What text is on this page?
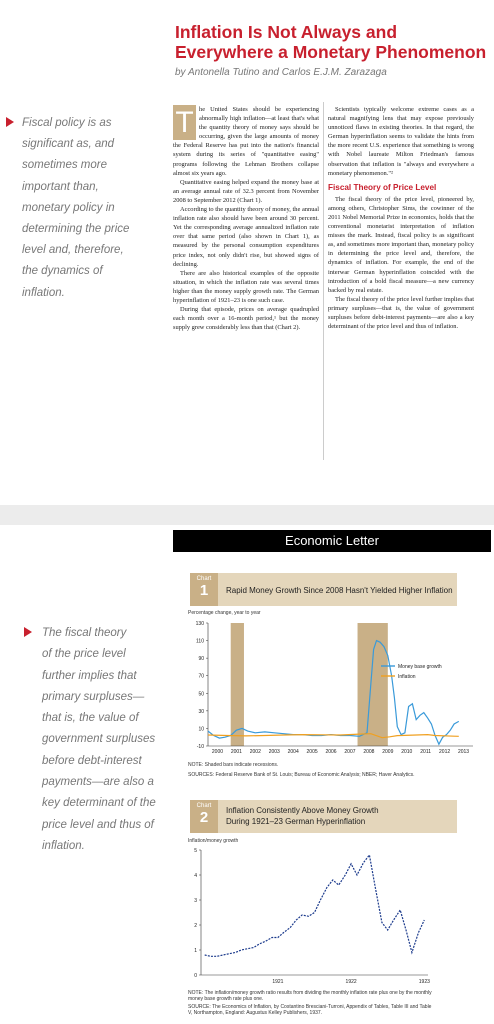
Inflation Is Not Always and
Everywhere a Monetary Phenomenon
by Antonella Tutino and Carlos E.J.M. Zarazaga
Fiscal policy is as
significant as, and
sometimes more
important than,
monetary policy in
determining the price
level and, therefore,
the dynamics of
inflation.
T he United States should be experiencing abnormally high inflation—at least that's what the quantity theory of money says should be occurring, given the large amounts of money the Federal Reserve has put into the nation's financial system during its series of "quantitative easing" programs following the Lehman Brothers collapse almost six years ago.

Quantitative easing helped expand the money base at an average annual rate of 32.3 percent from November 2008 to September 2012 (Chart 1).

According to the quantity theory of money, the annual inflation rate also should have been around 30 percent. Yet the corresponding average annualized inflation rate over that same period (also shown in Chart 1), as measured by the personal consumption expenditures price index, not only didn't rise, but showed signs of declining.

There are also historical examples of the opposite situation, in which the inflation rate was several times higher than the money supply growth rate. The German hyperinflation of 1921–23 is one such case.

During that episode, prices on average quadrupled each month over a 16-month period,¹ but the money supply grew considerably less than that (Chart 2).

Scientists typically welcome extreme cases as a natural magnifying lens that may expose previously unnoticed flaws in existing theories. In that regard, the German hyperinflation seems to validate the hints from the more recent U.S. experience that something is wrong with Nobel laureate Milton Friedman's famous observation that inflation is "always and everywhere a monetary phenomenon."²

Fiscal Theory of Price Level

The fiscal theory of the price level, pioneered by, among others, Christopher Sims, the cowinner of the 2011 Nobel Memorial Prize in economics, holds that the conventional monetarist interpretation of inflation misses the mark. Instead, fiscal policy is as significant as, and sometimes more important than, monetary policy in determining the price level and, therefore, the dynamics of inflation. For example, the end of the interwar German hyperinflation coincided with the introduction of a bold fiscal measure—a new currency backed by real estate.

The fiscal theory of the price level further implies that primary surpluses—that is, the value of government surpluses before debt-interest payments—are also a key determinant of the price level and thus of inflation.

Economic Letter
The fiscal theory
of the price level
further implies that
primary surpluses—
that is, the value of
government surpluses
before debt-interest
payments—are also a
key determinant of the
price level and thus of
inflation.
Chart
1	Rapid Money Growth Since 2008 Hasn't Yielded Higher Inflation
Percentage change, year to year
-10
10
30
50
70
90
110
130
2000 2001 2002 2003 2004 2005 2006 2007 2008 2009 2010 2011 2012 2013
Money base growth
Inflation
NOTE: Shaded bars indicate recessions.
SOURCES: Federal Reserve Bank of St. Louis; Bureau of Economic Analysis; NBER; Haver Analytics.
Chart
2	Inflation Consistently Above Money Growth
During 1921–23 German Hyperinflation
Inflation/money growth
0
1
2
3
4
5
1921	1922	1923
NOTE: The inflation/money growth ratio results from dividing the monthly inflation rate plus one by the monthly money base growth rate plus one.
SOURCE: The Economics of Inflation, by Costantino Bresciani-Turroni, Appendix of Tables, Table III and Table V, Northampton, England: Augustus Kelley Publishers, 1937.
